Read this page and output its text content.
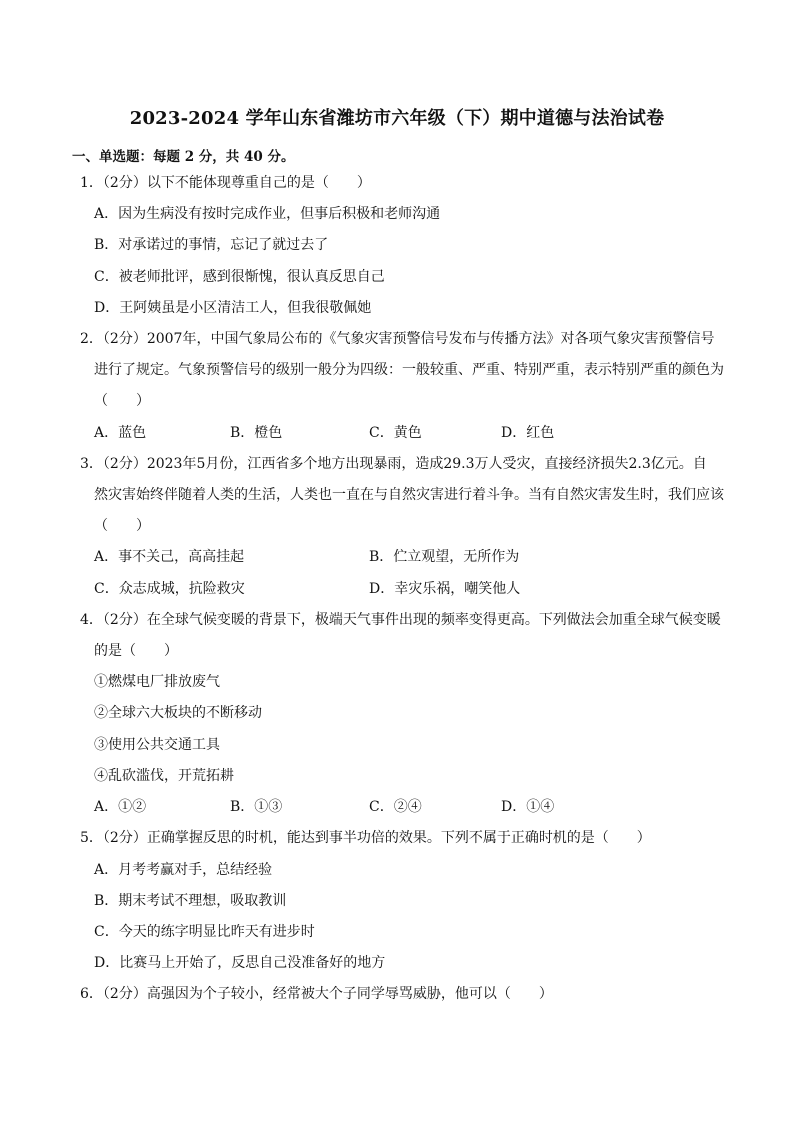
2023-2024 学年山东省潍坊市六年级（下）期中道德与法治试卷
一、单选题：每题 2 分，共 40 分。
1．（2分）以下不能体现尊重自己的是（　　）
A．因为生病没有按时完成作业，但事后积极和老师沟通
B．对承诺过的事情，忘记了就过去了
C．被老师批评，感到很惭愧，很认真反思自己
D．王阿姨虽是小区清洁工人，但我很敬佩她
2．（2分）2007年，中国气象局公布的《气象灾害预警信号发布与传播方法》对各项气象灾害预警信号
进行了规定。气象预警信号的级别一般分为四级：一般较重、严重、特别严重，表示特别严重的颜色为
（　　）
A．蓝色	B．橙色	C．黄色	D．红色
3．（2分）2023年5月份，江西省多个地方出现暴雨，造成29.3万人受灾，直接经济损失2.3亿元。自
然灾害始终伴随着人类的生活，人类也一直在与自然灾害进行着斗争。当有自然灾害发生时，我们应该
（　　）
A．事不关己，高高挂起	B．伫立观望，无所作为
C．众志成城，抗险救灾	D．幸灾乐祸，嘲笑他人
4．（2分）在全球气候变暖的背景下，极端天气事件出现的频率变得更高。下列做法会加重全球气候变暖
的是（　　）
①燃煤电厂排放废气
②全球六大板块的不断移动
③使用公共交通工具
④乱砍滥伐，开荒拓耕
A．①②	B．①③	C．②④	D．①④
5．（2分）正确掌握反思的时机，能达到事半功倍的效果。下列不属于正确时机的是（　　）
A．月考考赢对手，总结经验
B．期末考试不理想，吸取教训
C．今天的练字明显比昨天有进步时
D．比赛马上开始了，反思自己没准备好的地方
6．（2分）高强因为个子较小，经常被大个子同学辱骂威胁，他可以（　　）
